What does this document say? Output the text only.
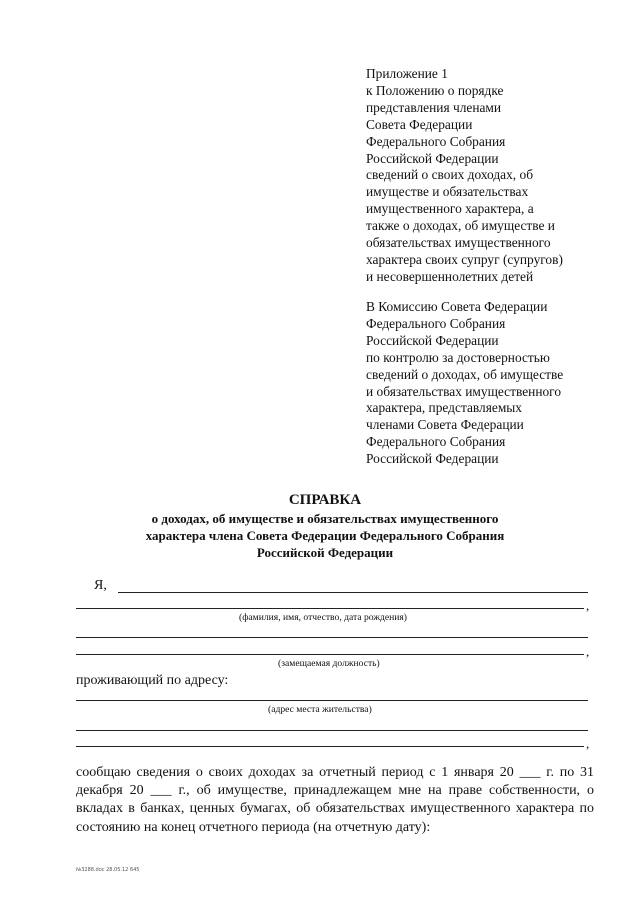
Приложение 1
к Положению о порядке
представления членами
Совета Федерации
Федерального Собрания
Российской Федерации
сведений о своих доходах, об
имуществе и обязательствах
имущественного характера, а
также о доходах, об имуществе и
обязательствах имущественного
характера своих супруг (супругов)
и несовершеннолетних детей
В Комиссию Совета Федерации
Федерального Собрания
Российской Федерации
по контролю за достоверностью
сведений о доходах, об имуществе
и обязательствах имущественного
характера, представляемых
членами Совета Федерации
Федерального Собрания
Российской Федерации
СПРАВКА
о доходах, об имуществе и обязательствах имущественного
характера члена Совета Федерации Федерального Собрания
Российской Федерации
Я,
,
(фамилия, имя, отчество, дата рождения)
,
(замещаемая должность)
проживающий по адресу:
(адрес места жительства)
,
сообщаю сведения о своих доходах за отчетный период с 1 января 20 ___ г. по 31 декабря 20 ___ г., об имуществе, принадлежащем мне на праве собственности, о вкладах в банках, ценных бумагах, об обязательствах имущественного характера по состоянию на конец отчетного периода (на отчетную дату):
№3288.doc 28.05.12 645
